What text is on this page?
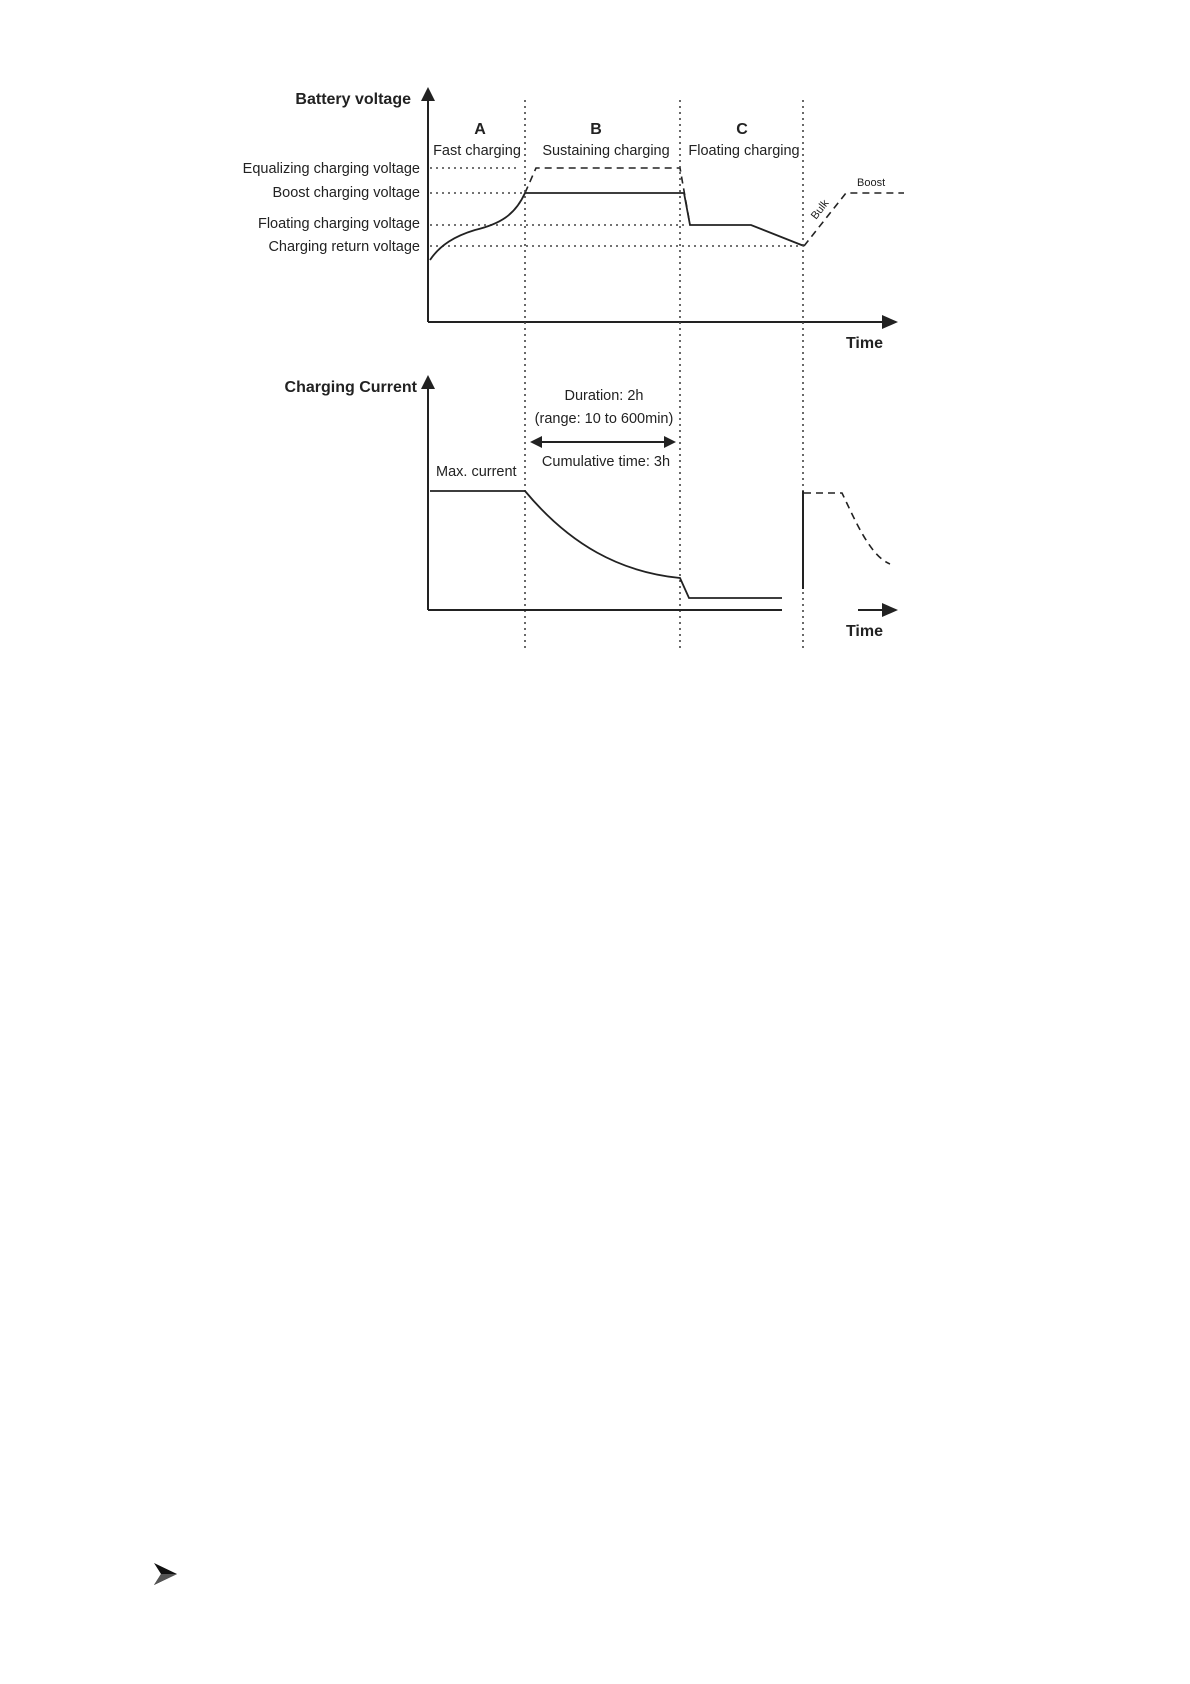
Battery voltage
Time
Equalizing charging voltage
Boost charging voltage
Floating charging voltage
Charging return voltage
A
Fast charging
B
Sustaining charging
C
Floating charging
Bulk
Boost
Charging Current
Time
Max. current
Duration: 2h
(range: 10 to 600min)
Cumulative time: 3h
